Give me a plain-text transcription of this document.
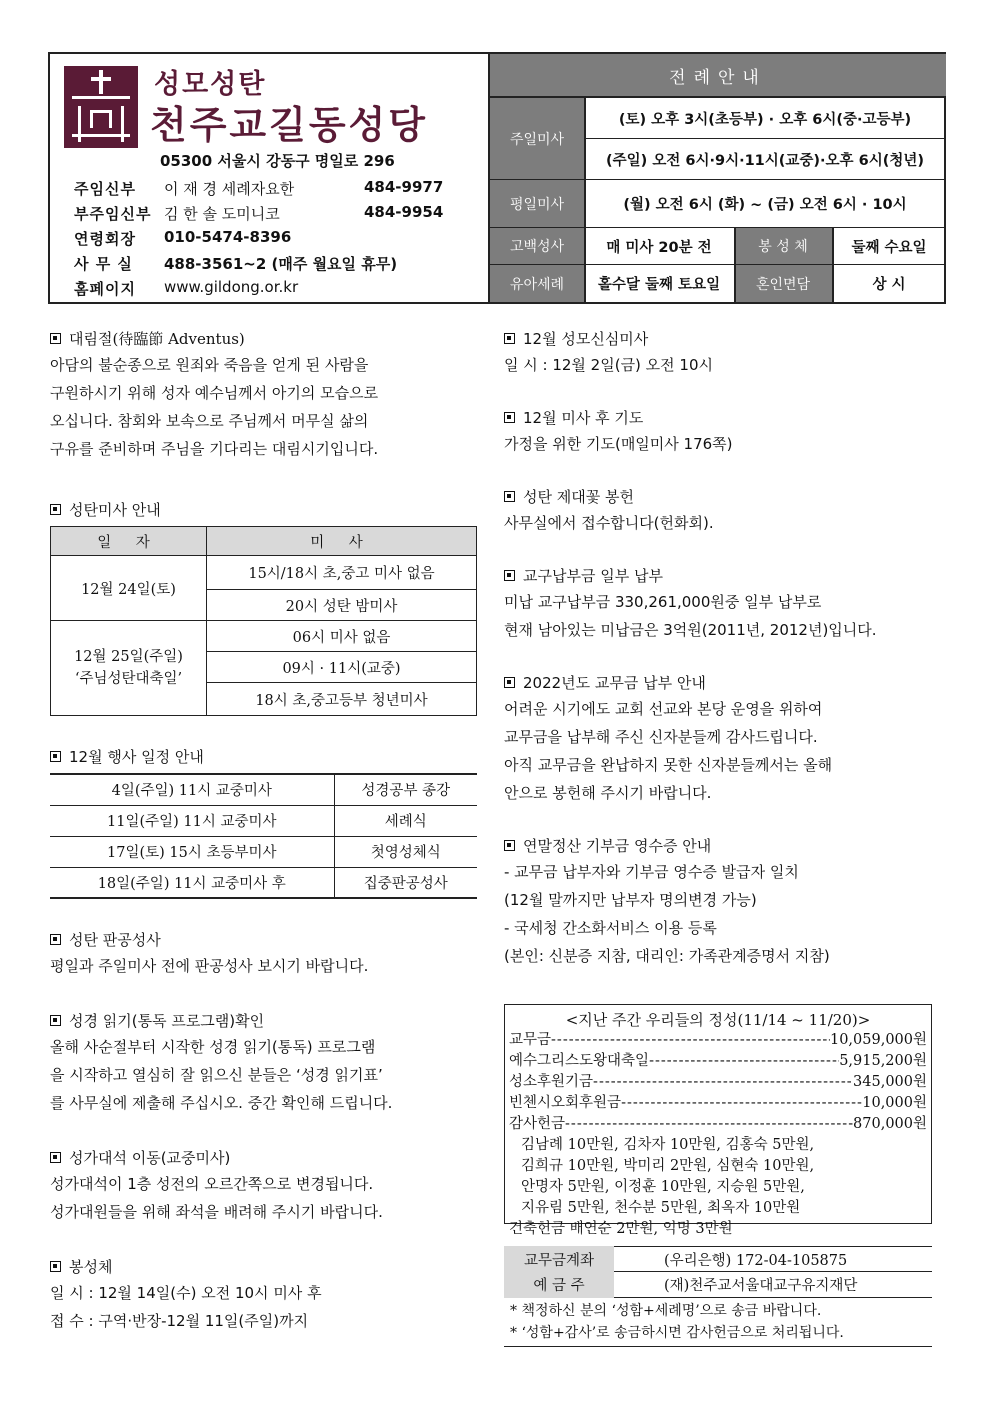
성모성탄
천주교길동성당
05300 서울시 강동구 명일로 296
주임신부	이 재 경 세례자요한	484-9977
부주임신부 김 한 솔 도미니코	484-9954
연령회장	010-5474-8396
사 무 실	488-3561~2 (매주 월요일 휴무)
홈페이지	www.gildong.or.kr
전례안내
주일미사
(토) 오후 3시(초등부) · 오후 6시(중·고등부)
(주일) 오전 6시·9시·11시(교중)·오후 6시(청년)
평일미사	(월) 오전 6시 (화) ~ (금) 오전 6시 · 10시
고백성사	매 미사 20분 전	봉 성 체	둘째 수요일
유아세례	홀수달 둘째 토요일	혼인면담	상 시
대림절(待臨節 Adventus)
아담의 불순종으로 원죄와 죽음을 얻게 된 사람을
구원하시기 위해 성자 예수님께서 아기의 모습으로
오십니다. 참회와 보속으로 주님께서 머무실 삶의
구유를 준비하며 주님을 기다리는 대림시기입니다.
성탄미사 안내
일 자	미 사
12월 24일(토)	15시/18시 초,중고 미사 없음
	20시 성탄 밤미사

12월 25일(주일)
‘주님성탄대축일’	06시 미사 없음
	09시 · 11시(교중)
	18시 초,중고등부 청년미사
12월 행사 일정 안내
4일(주일) 11시 교중미사	성경공부 종강
11일(주일) 11시 교중미사	세례식
17일(토) 15시 초등부미사	첫영성체식
18일(주일) 11시 교중미사 후	집중판공성사
성탄 판공성사
평일과 주일미사 전에 판공성사 보시기 바랍니다.
성경 읽기(통독 프로그램)확인
올해 사순절부터 시작한 성경 읽기(통독) 프로그램
을 시작하고 열심히 잘 읽으신 분들은 ‘성경 읽기표’
를 사무실에 제출해 주십시오. 중간 확인해 드립니다.
성가대석 이동(교중미사)
성가대석이 1층 성전의 오르간쪽으로 변경됩니다.
성가대원들을 위해 좌석을 배려해 주시기 바랍니다.
봉성체
일 시 : 12월 14일(수) 오전 10시 미사 후
접 수 : 구역·반장-12월 11일(주일)까지
12월 성모신심미사
일 시 : 12월 2일(금) 오전 10시
12월 미사 후 기도
가정을 위한 기도(매일미사 176쪽)
성탄 제대꽃 봉헌
사무실에서 접수합니다(헌화회).
교구납부금 일부 납부
미납 교구납부금 330,261,000원중 일부 납부로
현재 남아있는 미납금은 3억원(2011년, 2012년)입니다.
2022년도 교무금 납부 안내
어려운 시기에도 교회 선교와 본당 운영을 위하여
교무금을 납부해 주신 신자분들께 감사드립니다.
아직 교무금을 완납하지 못한 신자분들께서는 올해
안으로 봉헌해 주시기 바랍니다.
연말정산 기부금 영수증 안내
- 교무금 납부자와 기부금 영수증 발급자 일치
(12월 말까지만 납부자 명의변경 가능)
- 국세청 간소화서비스 이용 등록
(본인: 신분증 지참, 대리인: 가족관계증명서 지참)
<지난 주간 우리들의 정성(11/14 ~ 11/20)>
교무금 -----	10,059,000원
예수그리스도왕대축일 -----	5,915,200원
성소후원기금 -----	345,000원
빈첸시오회후원금 -----	10,000원
감사헌금 -----	870,000원
김남례 10만원, 김차자 10만원, 김홍숙 5만원,
김희규 10만원, 박미리 2만원, 심현숙 10만원,
안명자 5만원, 이정훈 10만원, 지승원 5만원,
지유림 5만원, 천수분 5만원, 최옥자 10만원
건축헌금 배연순 2만원, 익명 3만원
교무금계좌	(우리은행) 172-04-105875
예 금 주	(재)천주교서울대교구유지재단
* 책정하신 분의 ‘성함+세례명’으로 송금 바랍니다.
* ‘성함+감사’로 송금하시면 감사헌금으로 처리됩니다.
